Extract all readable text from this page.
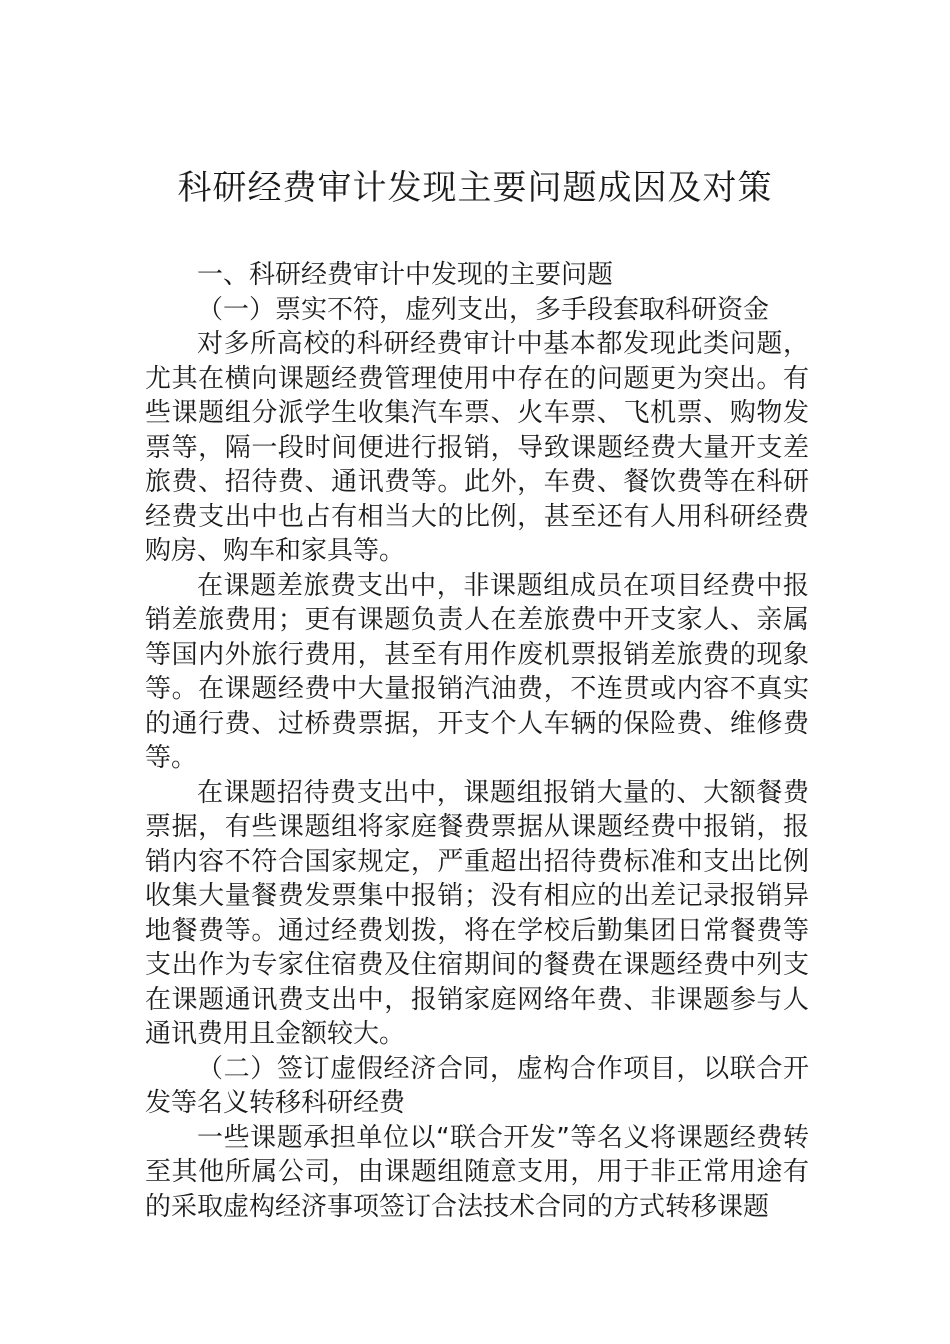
科研经费审计发现主要问题成因及对策

一、科研经费审计中发现的主要问题

（一）票实不符，虚列支出，多手段套取科研资金

对多所高校的科研经费审计中基本都发现此类问题，尤其在横向课题经费管理使用中存在的问题更为突出。有些课题组分派学生收集汽车票、火车票、飞机票、购物发票等，隔一段时间便进行报销，导致课题经费大量开支差旅费、招待费、通讯费等。此外，车费、餐饮费等在科研经费支出中也占有相当大的比例，甚至还有人用科研经费购房、购车和家具等。

在课题差旅费支出中，非课题组成员在项目经费中报销差旅费用；更有课题负责人在差旅费中开支家人、亲属等国内外旅行费用，甚至有用作废机票报销差旅费的现象等。在课题经费中大量报销汽油费，不连贯或内容不真实的通行费、过桥费票据，开支个人车辆的保险费、维修费等。

在课题招待费支出中，课题组报销大量的、大额餐费票据，有些课题组将家庭餐费票据从课题经费中报销，报销内容不符合国家规定，严重超出招待费标准和支出比例收集大量餐费发票集中报销；没有相应的出差记录报销异地餐费等。通过经费划拨，将在学校后勤集团日常餐费等支出作为专家住宿费及住宿期间的餐费在课题经费中列支在课题通讯费支出中，报销家庭网络年费、非课题参与人通讯费用且金额较大。

（二）签订虚假经济合同，虚构合作项目，以联合开发等名义转移科研经费

一些课题承担单位以“联合开发”等名义将课题经费转至其他所属公司，由课题组随意支用，用于非正常用途有的采取虚构经济事项签订合法技术合同的方式转移课题
